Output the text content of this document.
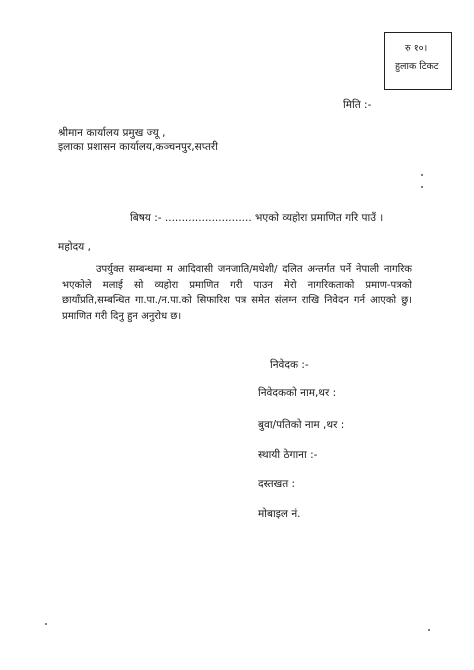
रु १०।
हुलाक टिकट
मिति :-
श्रीमान कार्यालय प्रमुख ज्यू ,
इलाका प्रशासन कार्यालय,कञ्चनपुर,सप्तरी
बिषय :- .......................... भएको व्यहोरा प्रमाणित गरि पाउँ ।
महोदय ,
उपर्युक्त सम्बन्धमा म आदिवासी जनजाति/मधेशी/ दलित अन्तर्गत पर्ने नेपाली नागरिक भएकोले मलाई सो व्यहोरा प्रमाणित गरी पाउन मेरो नागरिकताको प्रमाण-पत्रको छायाँप्रति,सम्बन्धित गा.पा./न.पा.को सिफारिश पत्र समेत संलग्न राखि निवेदन गर्न आएको छु। प्रमाणित गरी दिनु हुन अनुरोध छ।
निवेदक :-
निवेदकको नाम,थर :
बुवा/पतिको नाम ,थर :
स्थायी ठेगाना :-
दस्तखत :
मोबाइल नं.
